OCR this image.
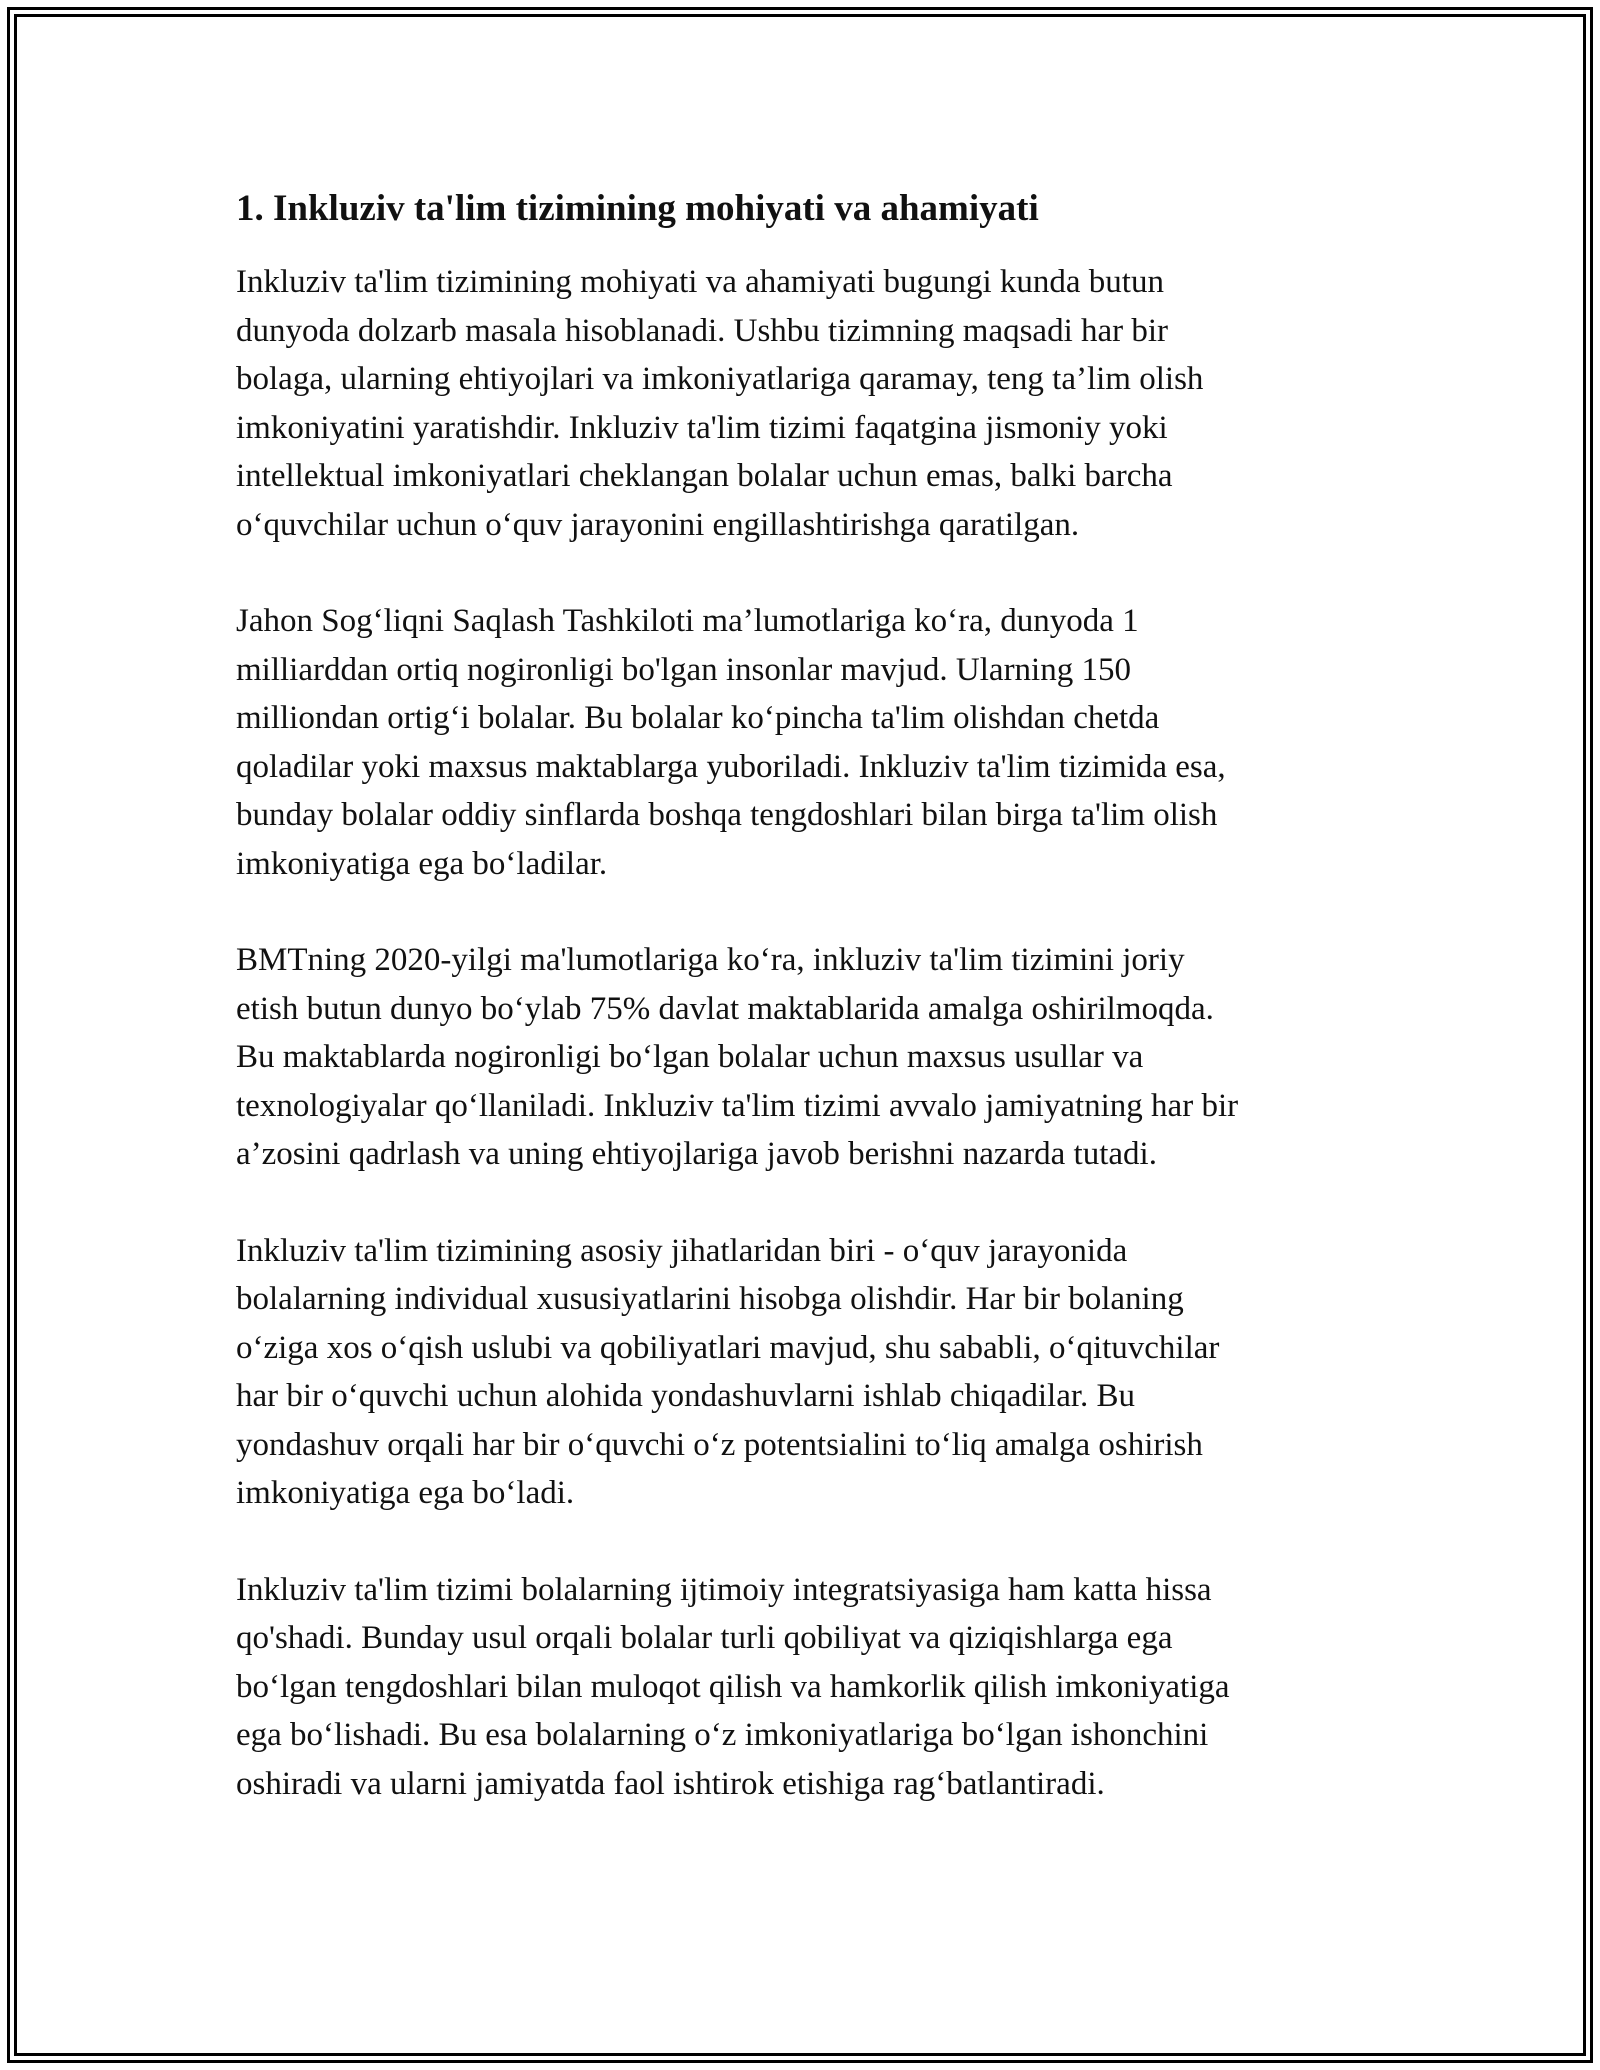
1. Inkluziv ta'lim tizimining mohiyati va ahamiyati

Inkluziv ta'lim tizimining mohiyati va ahamiyati bugungi kunda butun
dunyoda dolzarb masala hisoblanadi. Ushbu tizimning maqsadi har bir
bolaga, ularning ehtiyojlari va imkoniyatlariga qaramay, teng ta’lim olish
imkoniyatini yaratishdir. Inkluziv ta'lim tizimi faqatgina jismoniy yoki
intellektual imkoniyatlari cheklangan bolalar uchun emas, balki barcha
o‘quvchilar uchun o‘quv jarayonini engillashtirishga qaratilgan.

Jahon Sog‘liqni Saqlash Tashkiloti ma’lumotlariga ko‘ra, dunyoda 1
milliarddan ortiq nogironligi bo'lgan insonlar mavjud. Ularning 150
milliondan ortig‘i bolalar. Bu bolalar ko‘pincha ta'lim olishdan chetda
qoladilar yoki maxsus maktablarga yuboriladi. Inkluziv ta'lim tizimida esa,
bunday bolalar oddiy sinflarda boshqa tengdoshlari bilan birga ta'lim olish
imkoniyatiga ega bo‘ladilar.

BMTning 2020-yilgi ma'lumotlariga ko‘ra, inkluziv ta'lim tizimini joriy
etish butun dunyo bo‘ylab 75% davlat maktablarida amalga oshirilmoqda.
Bu maktablarda nogironligi bo‘lgan bolalar uchun maxsus usullar va
texnologiyalar qo‘llaniladi. Inkluziv ta'lim tizimi avvalo jamiyatning har bir
a’zosini qadrlash va uning ehtiyojlariga javob berishni nazarda tutadi.

Inkluziv ta'lim tizimining asosiy jihatlaridan biri - o‘quv jarayonida
bolalarning individual xususiyatlarini hisobga olishdir. Har bir bolaning
o‘ziga xos o‘qish uslubi va qobiliyatlari mavjud, shu sababli, o‘qituvchilar
har bir o‘quvchi uchun alohida yondashuvlarni ishlab chiqadilar. Bu
yondashuv orqali har bir o‘quvchi o‘z potentsialini to‘liq amalga oshirish
imkoniyatiga ega bo‘ladi.

Inkluziv ta'lim tizimi bolalarning ijtimoiy integratsiyasiga ham katta hissa
qo'shadi. Bunday usul orqali bolalar turli qobiliyat va qiziqishlarga ega
bo‘lgan tengdoshlari bilan muloqot qilish va hamkorlik qilish imkoniyatiga
ega bo‘lishadi. Bu esa bolalarning o‘z imkoniyatlariga bo‘lgan ishonchini
oshiradi va ularni jamiyatda faol ishtirok etishiga rag‘batlantiradi.
